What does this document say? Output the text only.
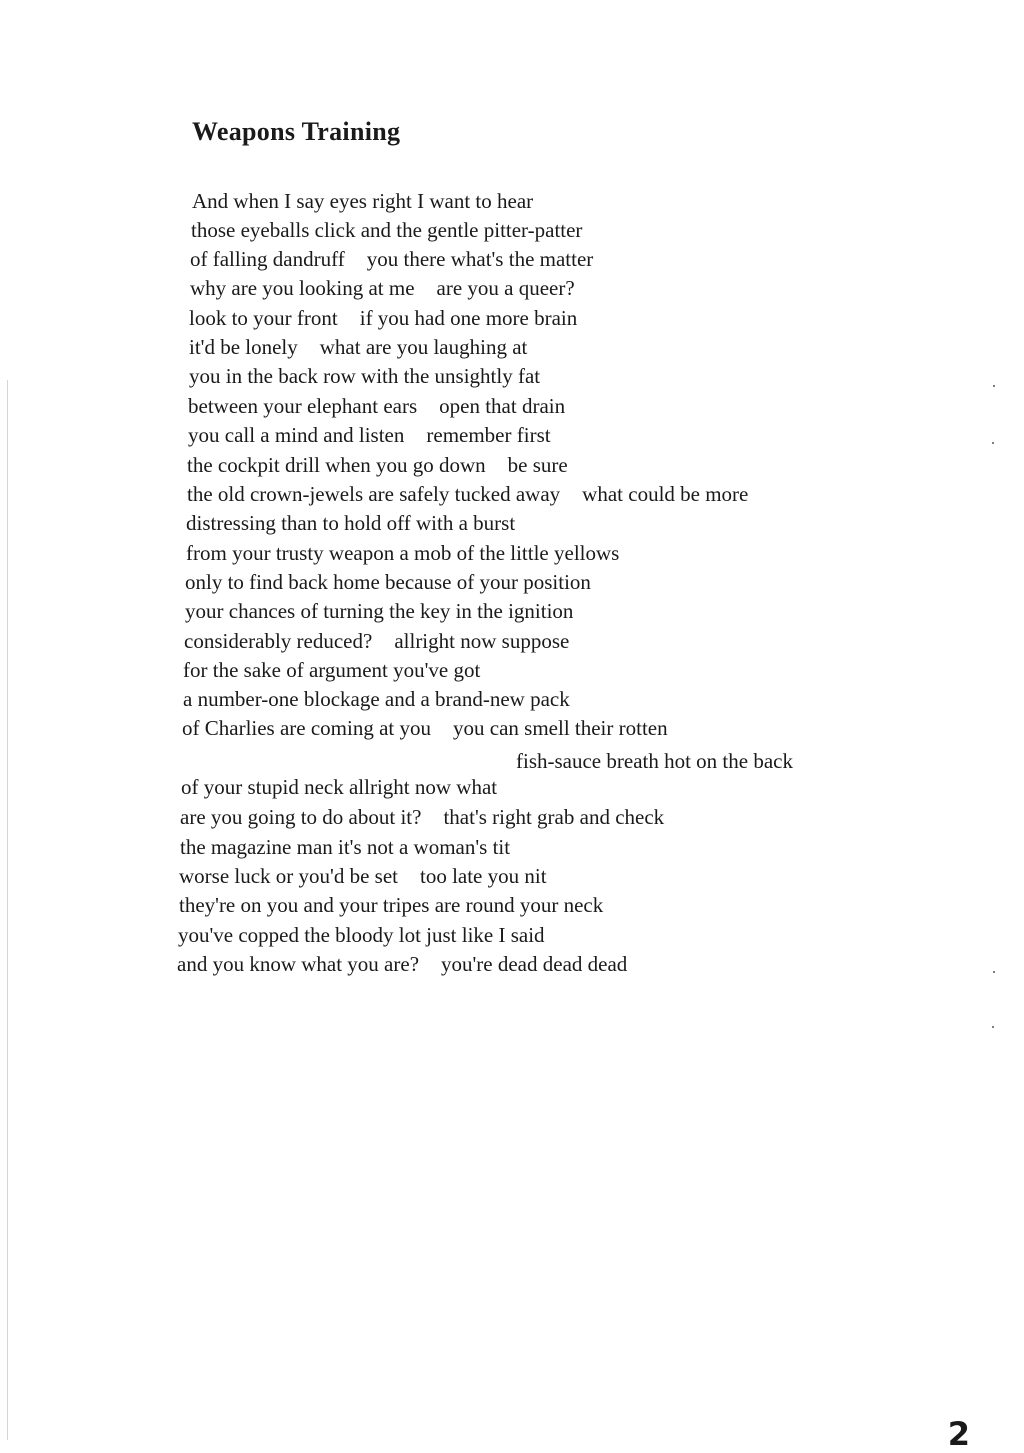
Weapons Training
And when I say eyes right I want to hear
those eyeballs click and the gentle pitter-patter
of falling dandruff you there what's the matter
why are you looking at me are you a queer?
look to your front if you had one more brain
it'd be lonely what are you laughing at
you in the back row with the unsightly fat
between your elephant ears open that drain
you call a mind and listen remember first
the cockpit drill when you go down be sure
the old crown-jewels are safely tucked away what could be more
distressing than to hold off with a burst
from your trusty weapon a mob of the little yellows
only to find back home because of your position
your chances of turning the key in the ignition
considerably reduced? allright now suppose
for the sake of argument you've got
a number-one blockage and a brand-new pack
of Charlies are coming at you you can smell their rotten
fish-sauce breath hot on the back
of your stupid neck allright now what
are you going to do about it? that's right grab and check
the magazine man it's not a woman's tit
worse luck or you'd be set too late you nit
they're on you and your tripes are round your neck
you've copped the bloody lot just like I said
and you know what you are? you're dead dead dead
2
